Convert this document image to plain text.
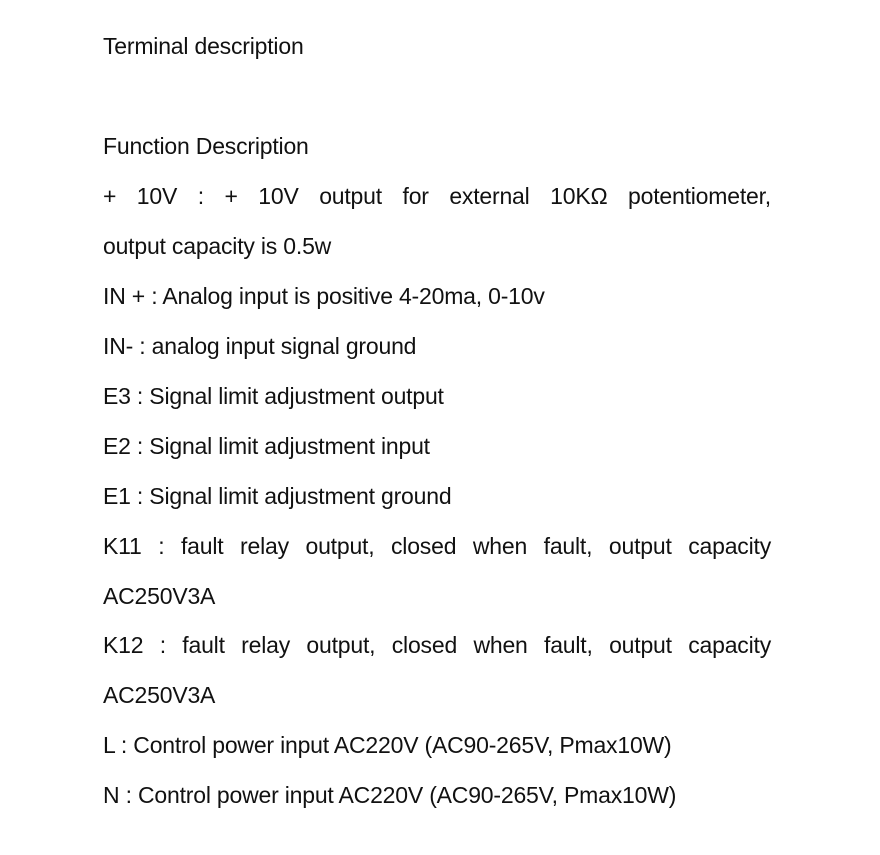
Terminal description
Function Description
+ 10V : + 10V output for external 10KΩ potentiometer,
output capacity is 0.5w
IN + : Analog input is positive 4-20ma, 0-10v
IN- : analog input signal ground
E3 : Signal limit adjustment output
E2 : Signal limit adjustment input
E1 : Signal limit adjustment ground
K11 : fault relay output, closed when fault, output capacity
AC250V3A
K12 : fault relay output, closed when fault, output capacity
AC250V3A
L : Control power input AC220V (AC90-265V, Pmax10W)
N : Control power input AC220V (AC90-265V, Pmax10W)
